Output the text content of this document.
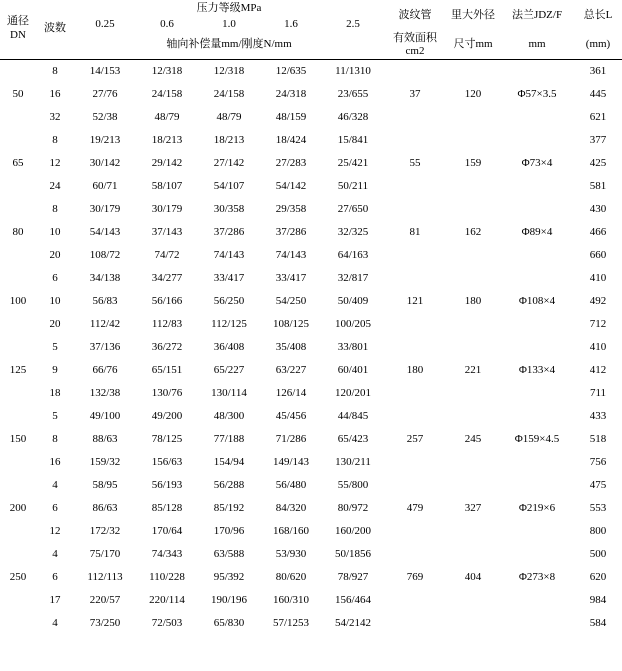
通径
DN	波数	压力等级MPa					波纹管	里大外径	法兰JDZ/F	总长L

		0.25	0.6	1.0	1.6	2.5				
		轴向补偿量mm/刚度N/mm					有效面积cm2	尺寸mm	mm	(mm)

	8	14/153	12/318	12/318	12/635	11/1310				361
50	16	27/76	24/158	24/158	24/318	23/655	37	120	Φ57×3.5	445
	32	52/38	48/79	48/79	48/159	46/328				621
	8	19/213	18/213	18/213	18/424	15/841				377
65	12	30/142	29/142	27/142	27/283	25/421	55	159	Φ73×4	425
	24	60/71	58/107	54/107	54/142	50/211				581
	8	30/179	30/179	30/358	29/358	27/650				430
80	10	54/143	37/143	37/286	37/286	32/325	81	162	Φ89×4	466
	20	108/72	74/72	74/143	74/143	64/163				660
	6	34/138	34/277	33/417	33/417	32/817				410
100	10	56/83	56/166	56/250	54/250	50/409	121	180	Φ108×4	492
	20	112/42	112/83	112/125	108/125	100/205				712
	5	37/136	36/272	36/408	35/408	33/801				410
125	9	66/76	65/151	65/227	63/227	60/401	180	221	Φ133×4	412
	18	132/38	130/76	130/114	126/14	120/201				711
	5	49/100	49/200	48/300	45/456	44/845				433
150	8	88/63	78/125	77/188	71/286	65/423	257	245	Φ159×4.5	518
	16	159/32	156/63	154/94	149/143	130/211				756
	4	58/95	56/193	56/288	56/480	55/800				475
200	6	86/63	85/128	85/192	84/320	80/972	479	327	Φ219×6	553
	12	172/32	170/64	170/96	168/160	160/200				800
	4	75/170	74/343	63/588	53/930	50/1856				500
250	6	112/113	110/228	95/392	80/620	78/927	769	404	Φ273×8	620
	17	220/57	220/114	190/196	160/310	156/464				984
	4	73/250	72/503	65/830	57/1253	54/2142				584
